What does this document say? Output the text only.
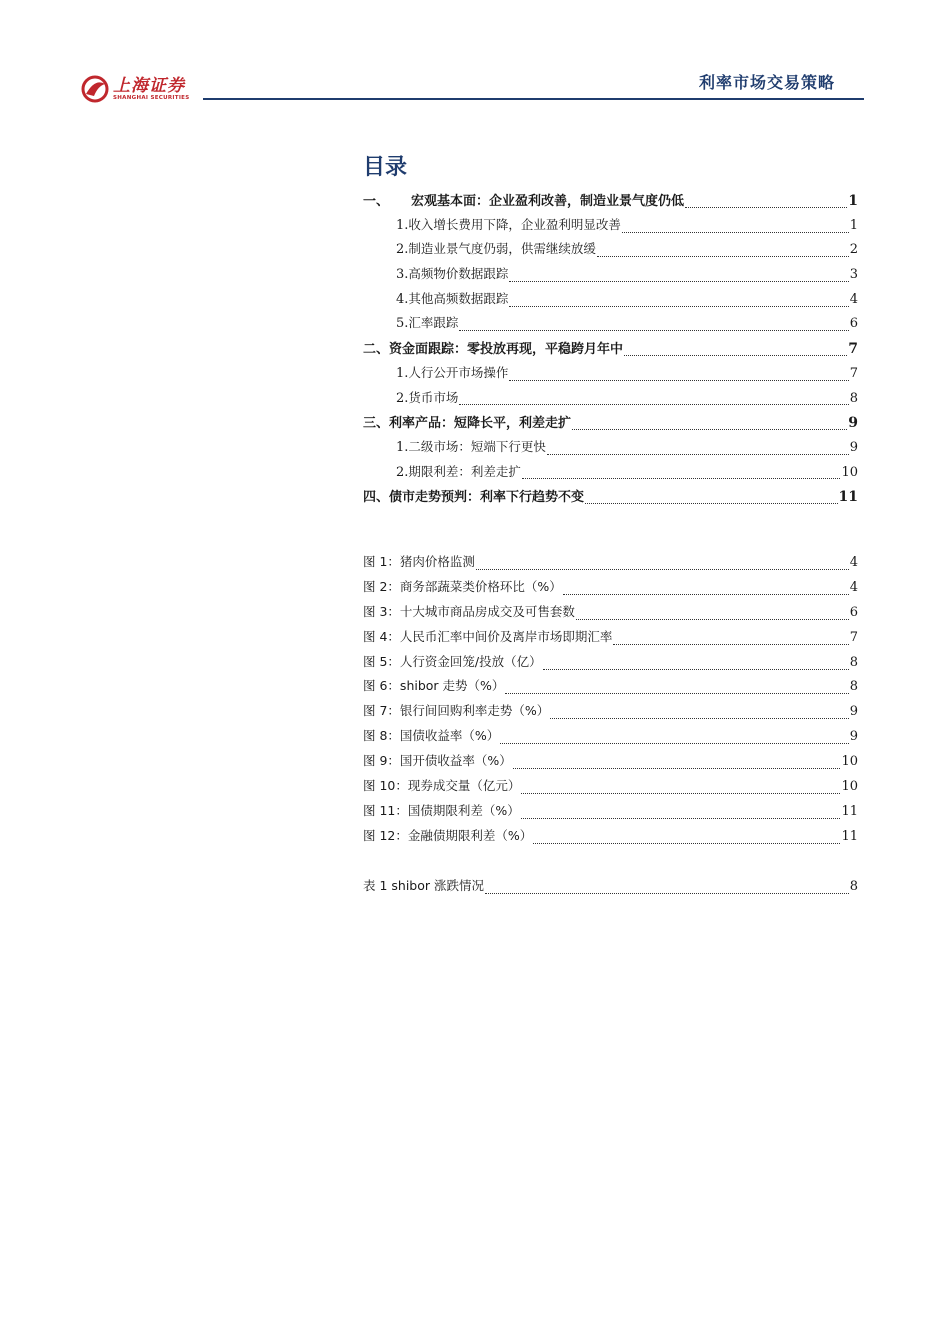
上海证券
SHANGHAI SECURITIES
利率市场交易策略
目录
一、 宏观基本面：企业盈利改善，制造业景气度仍低	1
1. 收入增长费用下降，企业盈利明显改善	1
2. 制造业景气度仍弱，供需继续放缓	2
3. 高频物价数据跟踪	3
4. 其他高频数据跟踪	4
5. 汇率跟踪	6
二、 资金面跟踪：零投放再现，平稳跨月年中	7
1. 人行公开市场操作	7
2. 货币市场	8
三、 利率产品：短降长平，利差走扩	9
1. 二级市场：短端下行更快	9
2. 期限利差：利差走扩	10
四、 债市走势预判：利率下行趋势不变	11
图 1：猪肉价格监测	4
图 2：商务部蔬菜类价格环比（%）	4
图 3：十大城市商品房成交及可售套数	6
图 4：人民币汇率中间价及离岸市场即期汇率	7
图 5：人行资金回笼/投放（亿）	8
图 6：shibor 走势（%）	8
图 7：银行间回购利率走势（%）	9
图 8：国债收益率（%）	9
图 9：国开债收益率（%）	10
图 10：现券成交量（亿元）	10
图 11：国债期限利差（%）	11
图 12：金融债期限利差（%）	11
表 1 shibor 涨跌情况	8
